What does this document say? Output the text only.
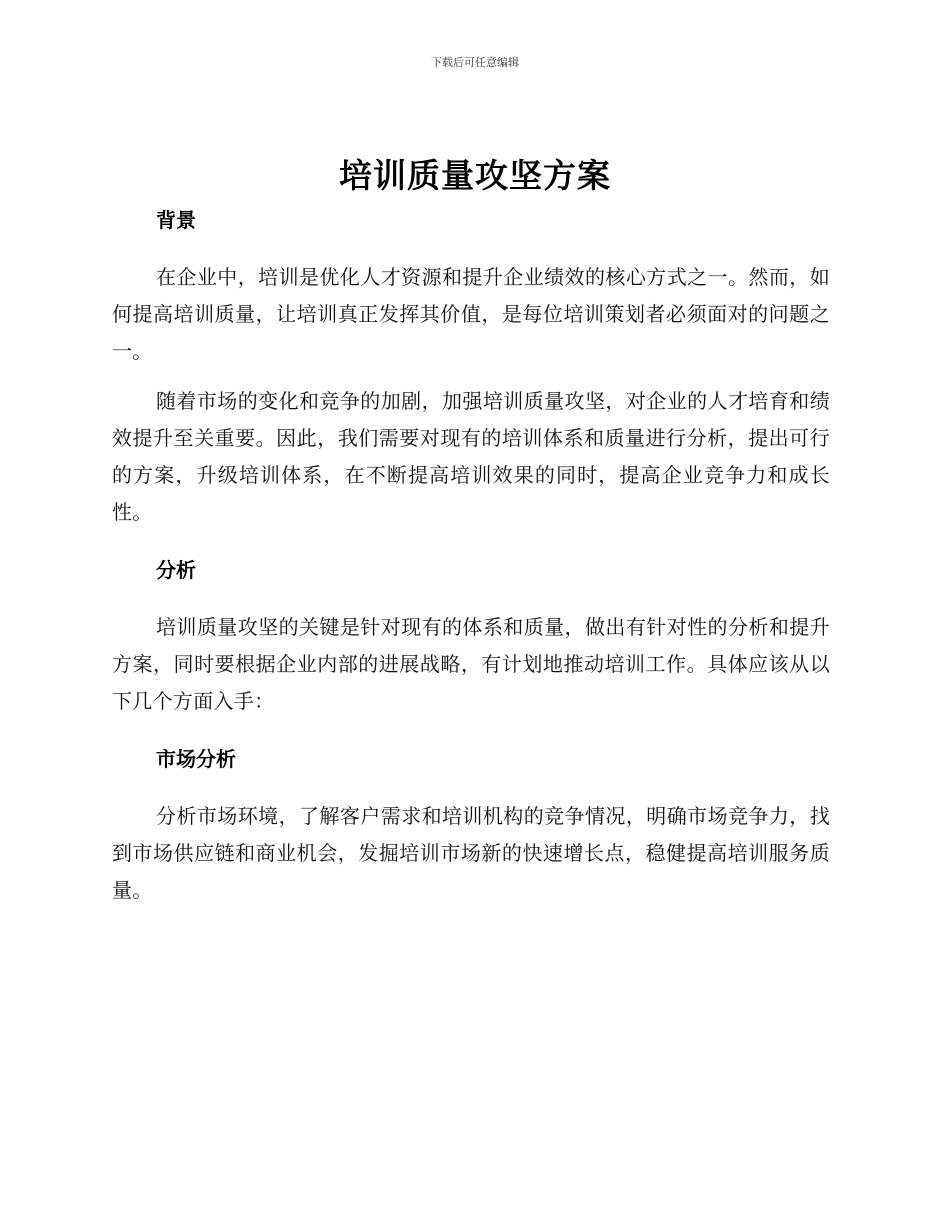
下载后可任意编辑
培训质量攻坚方案
背景

在企业中，培训是优化人才资源和提升企业绩效的核心方式之一。然而，如何提高培训质量，让培训真正发挥其价值，是每位培训策划者必须面对的问题之一。

随着市场的变化和竞争的加剧，加强培训质量攻坚，对企业的人才培育和绩效提升至关重要。因此，我们需要对现有的培训体系和质量进行分析，提出可行的方案，升级培训体系，在不断提高培训效果的同时，提高企业竞争力和成长性。

分析

培训质量攻坚的关键是针对现有的体系和质量，做出有针对性的分析和提升方案，同时要根据企业内部的进展战略，有计划地推动培训工作。具体应该从以下几个方面入手：

市场分析

分析市场环境，了解客户需求和培训机构的竞争情况，明确市场竞争力，找到市场供应链和商业机会，发掘培训市场新的快速增长点，稳健提高培训服务质量。
